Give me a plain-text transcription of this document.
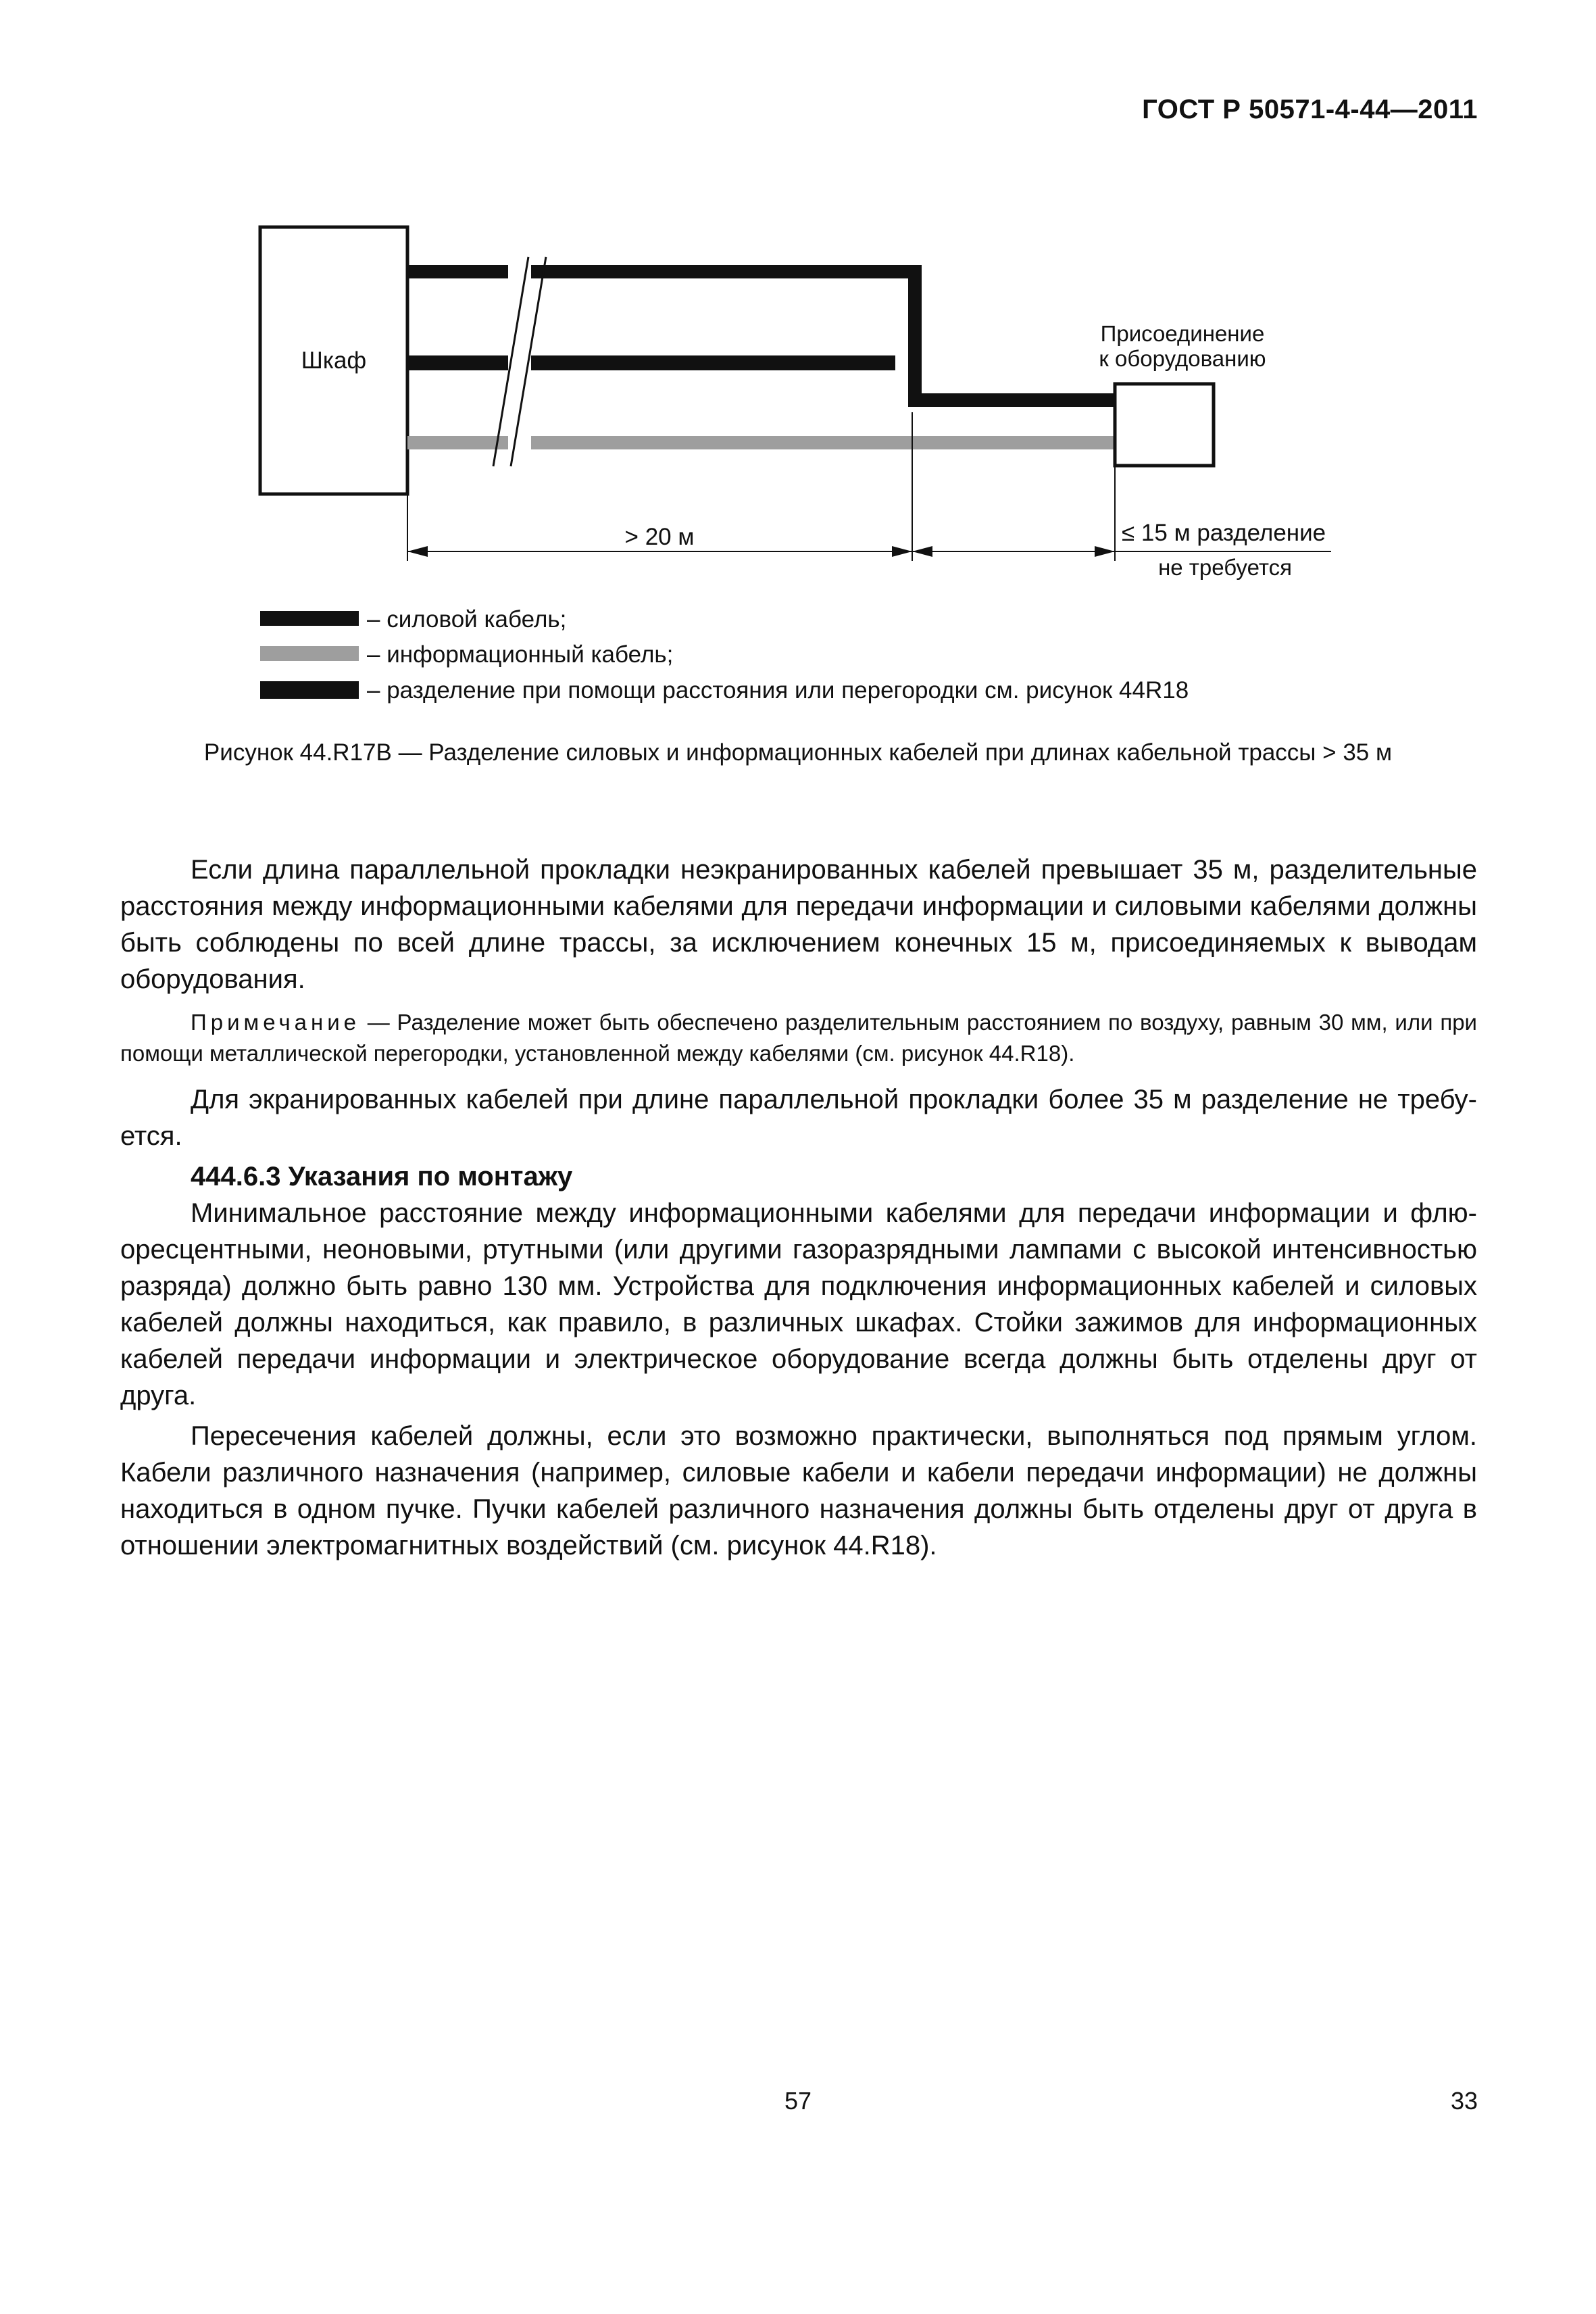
ГОСТ Р 50571-4-44—2011
Шкаф
Присоединение
к оборудованию
> 20 м	≤ 15 м разделение
не требуется
– силовой кабель;
– информационный кабель;
– разделение при помощи расстояния или перегородки см. рисунок 44R18
Рисунок 44.R17B — Разделение силовых и информационных кабелей при длинах кабельной трассы > 35 м

Если длина параллельной прокладки неэкранированных кабелей превышает 35 м, разделительные расстояния между информационными кабелями для передачи информации и силовыми кабелями должны быть соблюдены по всей длине трассы, за исключением конечных 15 м, присоединяемых к выводам оборудования.

Примечание — Разделение может быть обеспечено разделительным расстоянием по воздуху, равным 30 мм, или при помощи металлической перегородки, установленной между кабелями (см. рисунок 44.R18).

Для экранированных кабелей при длине параллельной прокладки более 35 м разделение не требуется.

444.6.3 Указания по монтажу

Минимальное расстояние между информационными кабелями для передачи информации и флюоресцентными, неоновыми, ртутными (или другими газоразрядными лампами с высокой интенсивностью разряда) должно быть равно 130 мм. Устройства для подключения информационных кабелей и силовых кабелей должны находиться, как правило, в различных шкафах. Стойки зажимов для информационных кабелей передачи информации и электрическое оборудование всегда должны быть отделены друг от друга.

Пересечения кабелей должны, если это возможно практически, выполняться под прямым углом. Кабели различного назначения (например, силовые кабели и кабели передачи информации) не должны находиться в одном пучке. Пучки кабелей различного назначения должны быть отделены друг от друга в отношении электромагнитных воздействий (см. рисунок 44.R18).

57	33
